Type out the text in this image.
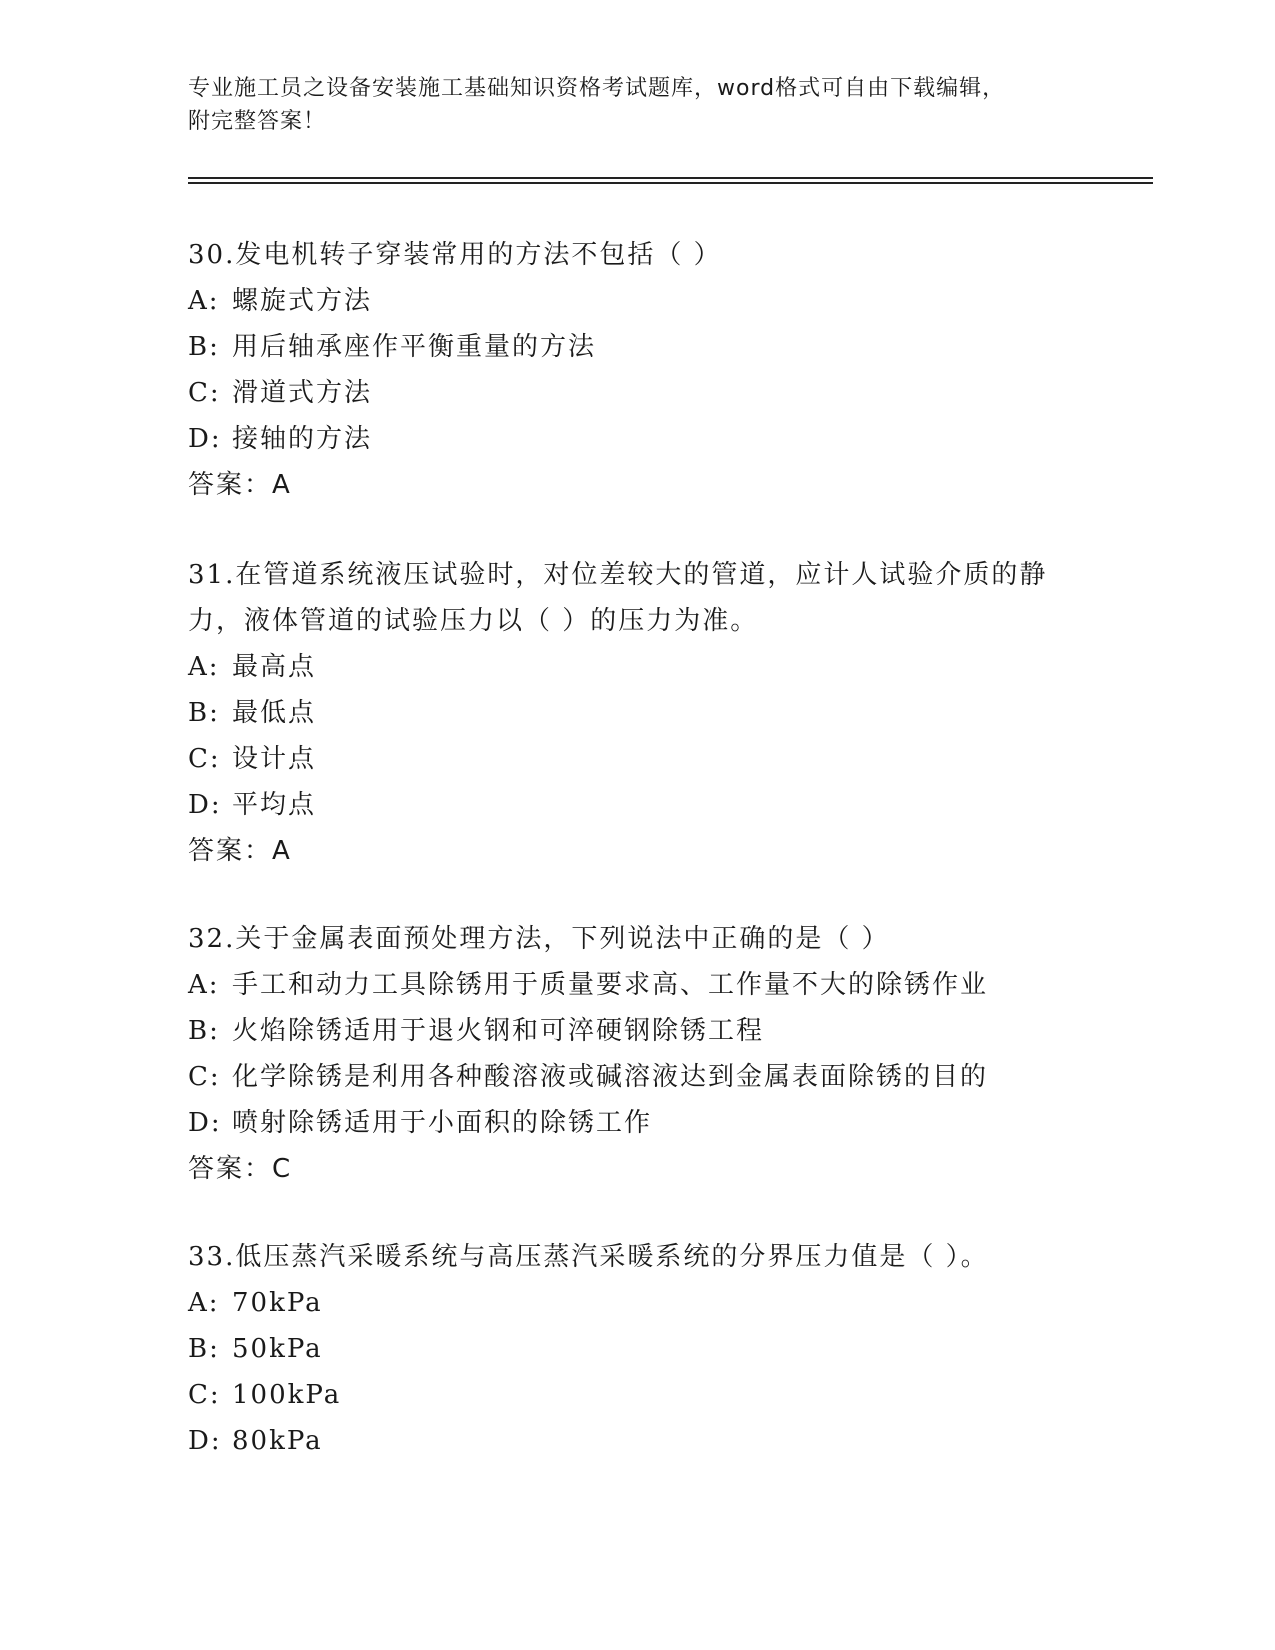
专业施工员之设备安装施工基础知识资格考试题库，word格式可自由下载编辑，
附完整答案！
30.发电机转子穿装常用的方法不包括（ ）
A: 螺旋式方法
B: 用后轴承座作平衡重量的方法
C: 滑道式方法
D: 接轴的方法
答案：A
31.在管道系统液压试验时，对位差较大的管道，应计人试验介质的静
力，液体管道的试验压力以（ ）的压力为准。
A: 最高点
B: 最低点
C: 设计点
D: 平均点
答案：A
32.关于金属表面预处理方法，下列说法中正确的是（ ）
A: 手工和动力工具除锈用于质量要求高、工作量不大的除锈作业
B: 火焰除锈适用于退火钢和可淬硬钢除锈工程
C: 化学除锈是利用各种酸溶液或碱溶液达到金属表面除锈的目的
D: 喷射除锈适用于小面积的除锈工作
答案：C
33.低压蒸汽采暖系统与高压蒸汽采暖系统的分界压力值是（ ）。
A: 70kPa
B: 50kPa
C: 100kPa
D: 80kPa
